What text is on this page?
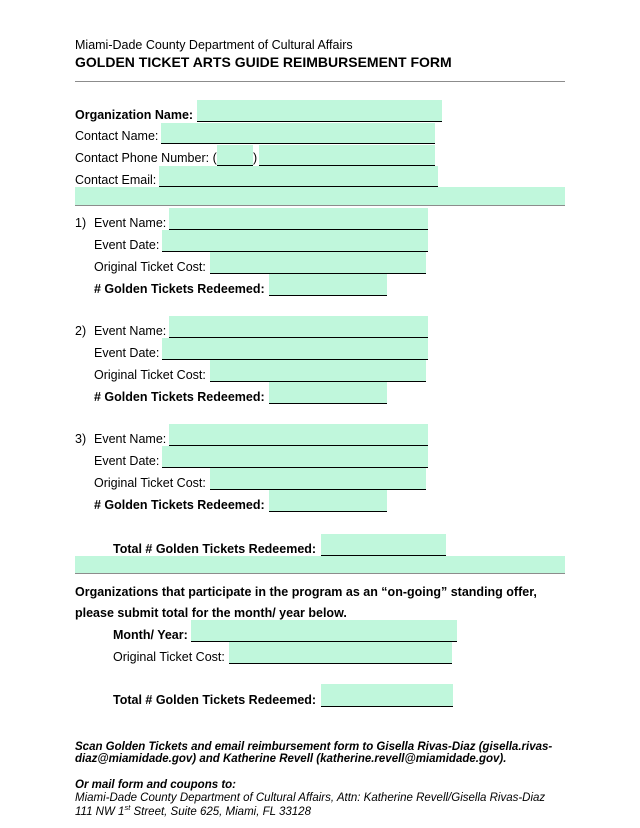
Miami-Dade County Department of Cultural Affairs
GOLDEN TICKET ARTS GUIDE REIMBURSEMENT FORM
Organization Name:
Contact Name:
Contact Phone Number: (	)
Contact Email:
1) Event Name:
Event Date:
Original Ticket Cost:
# Golden Tickets Redeemed:
2) Event Name:
Event Date:
Original Ticket Cost:
# Golden Tickets Redeemed:
3) Event Name:
Event Date:
Original Ticket Cost:
# Golden Tickets Redeemed:
Total # Golden Tickets Redeemed:
Organizations that participate in the program as an “on-going” standing offer,
please submit total for the month/ year below.
Month/ Year:
Original Ticket Cost:
Total # Golden Tickets Redeemed:
Scan Golden Tickets and email reimbursement form to Gisella Rivas-Diaz (gisella.rivas-
diaz@miamidade.gov) and Katherine Revell (katherine.revell@miamidade.gov).
Or mail form and coupons to:
Miami-Dade County Department of Cultural Affairs, Attn: Katherine Revell/Gisella Rivas-Diaz
111 NW 1st Street, Suite 625, Miami, FL 33128
